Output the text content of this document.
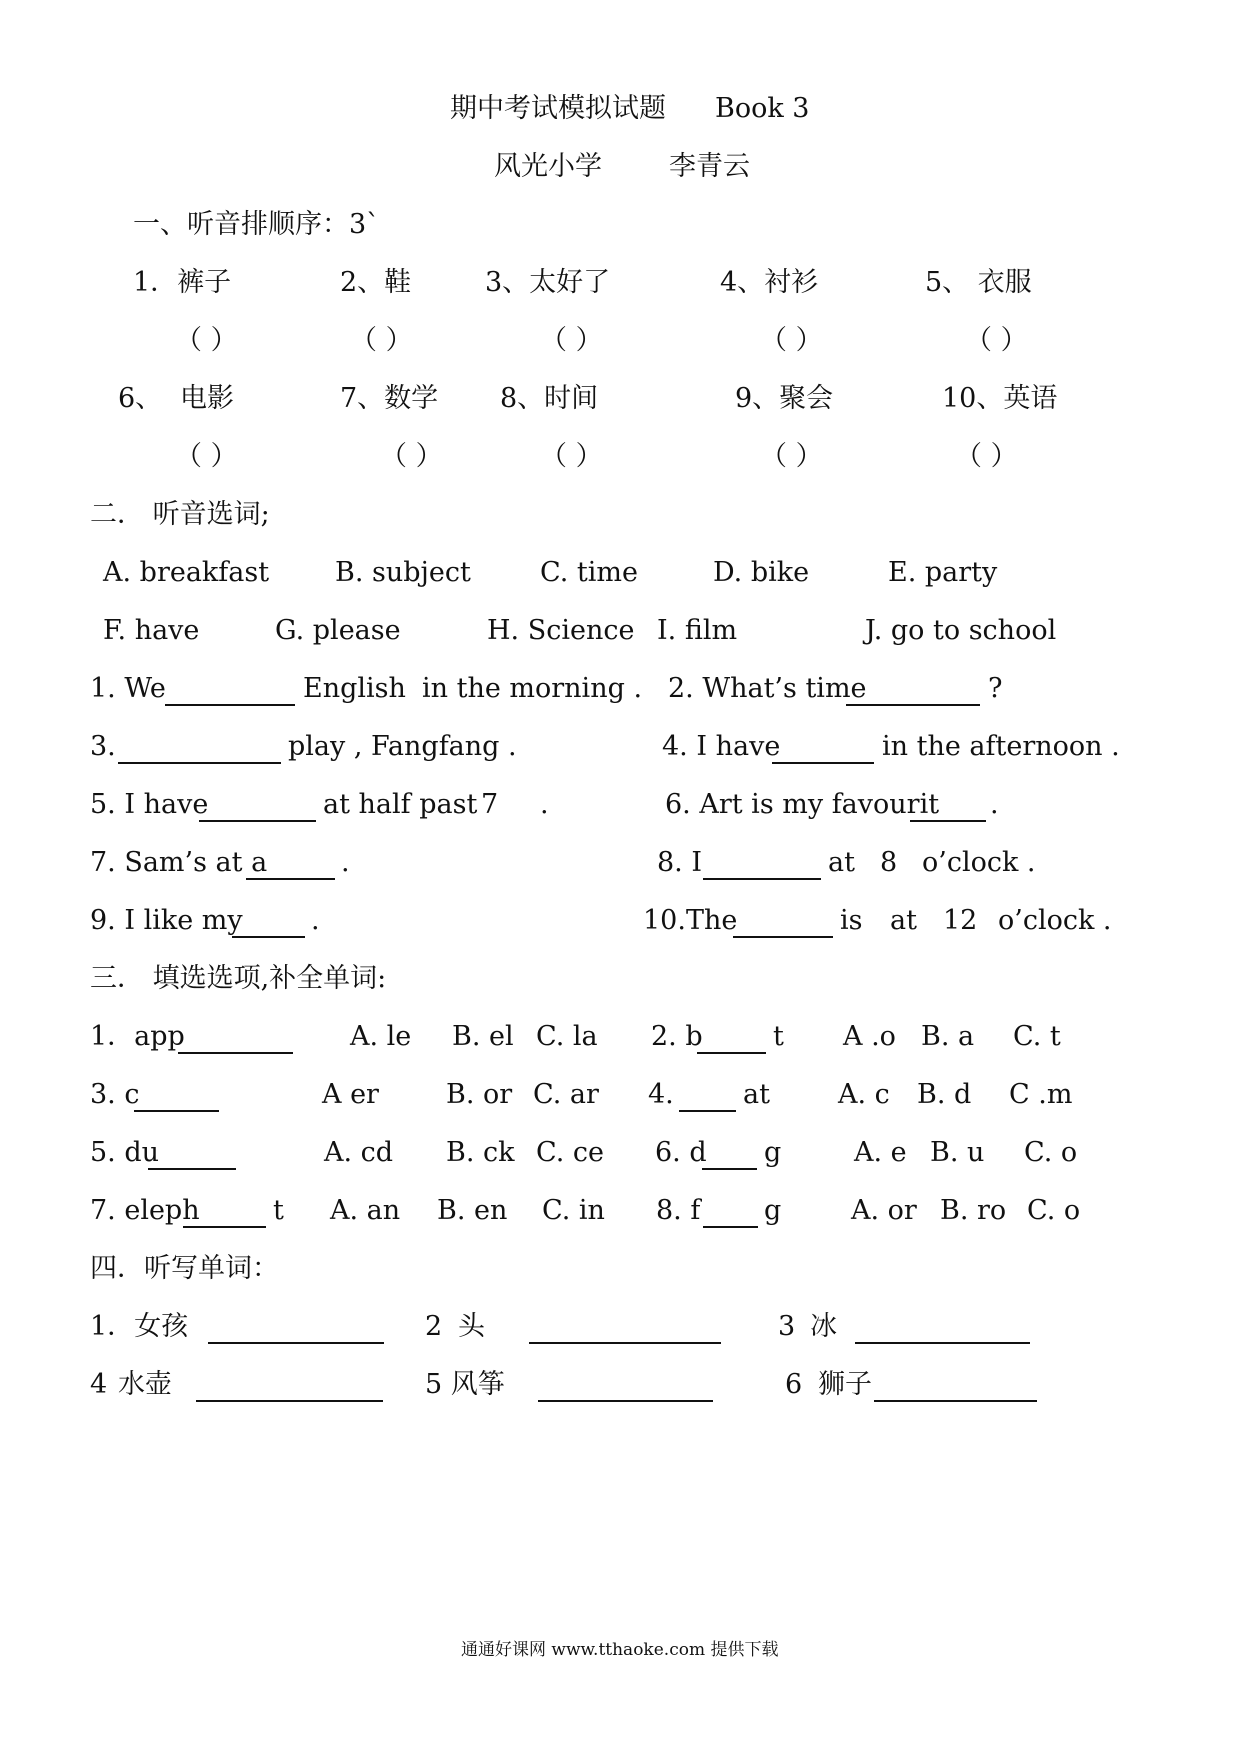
期中考试模拟试题 Book 3
风光小学 李青云
一、听音排顺序：3`
1．裤子	2、鞋	3、太好了	4、衬衫	5、 衣服
（ ）	（ ）	（ ）	（ ）	（ ）
6、 电影	7、数学 8、时间	9、聚会	10、英语
（ ）	（ ）	（ ）	（ ）	（ ）
二． 听音选词;
A. breakfast B. subject	C. time	D. bike	E. party
F. have	G. please	H. Science I. film	J. go to school
1. We	English in the morning . 2. What’s time	?
3.	play , Fangfang .	4. I have	in the afternoon .
5. I have	at half past 7 .	6. Art is my favourit .
7. Sam’s at a	.	8. I	at 8 o’clock .
9. I like my	.	10.The	is at 12 o’clock .
三． 填选选项,补全单词:
1．app	A. le B. el C. la 2. b	t A .o B. a C. t
3. c	A er B. or C. ar 4.	at	A. c B. d C .m
5. du	A. cd B. ck C. ce 6. d g	A. e B. u C. o
7. eleph	t A. an B. en C. in 8. f g	A. or B. ro C. o
四．听写单词：
1．女孩	2 头	3 冰
4 水壶	5 风筝	6 狮子
通通好课网 www.tthaoke.com 提供下载
